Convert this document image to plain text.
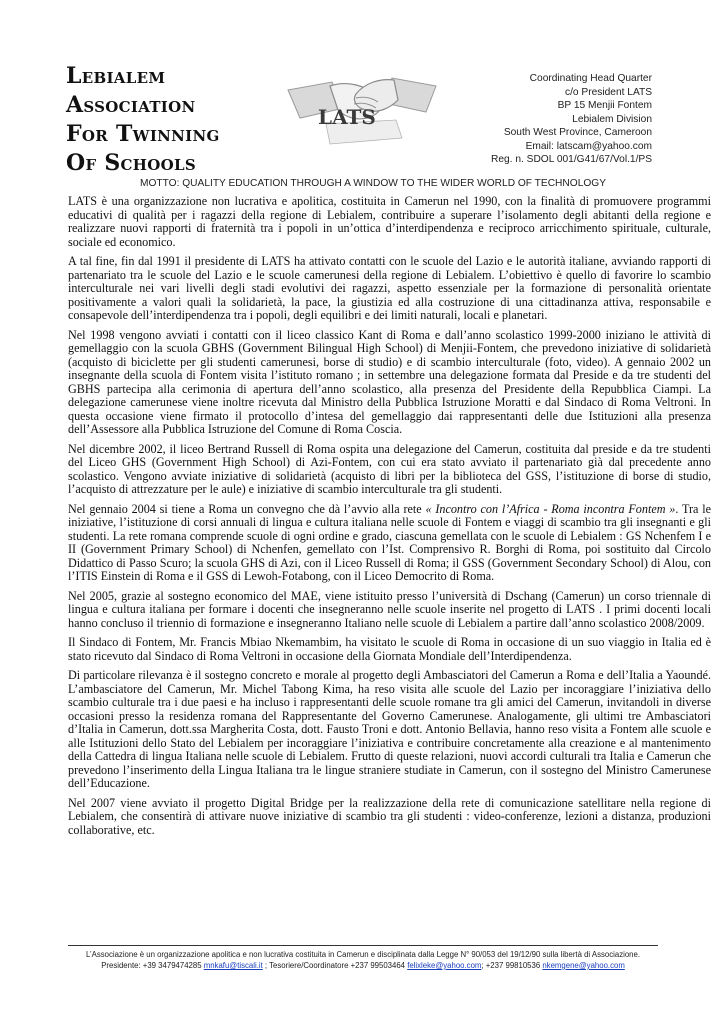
Lebialem
Association
For Twinning
Of Schools
LATS
Coordinating Head Quarter
c/o President LATS
BP 15 Menjii Fontem
Lebialem Division
South West Province, Cameroon
Email: latscam@yahoo.com
Reg. n. SDOL 001/G41/67/Vol.1/PS
MOTTO: QUALITY EDUCATION THROUGH A WINDOW TO THE WIDER WORLD OF TECHNOLOGY

LATS è una organizzazione non lucrativa e apolitica, costituita in Camerun nel 1990, con la finalità di promuovere programmi educativi di qualità per i ragazzi della regione di Lebialem, contribuire a superare l’isolamento degli abitanti della regione e realizzare nuovi rapporti di fraternità tra i popoli in un’ottica d’interdipendenza e reciproco arricchimento spirituale, culturale, sociale ed economico.

A tal fine, fin dal 1991 il presidente di LATS ha attivato contatti con le scuole del Lazio e le autorità italiane, avviando rapporti di partenariato tra le scuole del Lazio e le scuole camerunesi della regione di Lebialem. L’obiettivo è quello di favorire lo scambio interculturale nei vari livelli degli stadi evolutivi dei ragazzi, aspetto essenziale per la formazione di personalità orientate positivamente a valori quali la solidarietà, la pace, la giustizia ed alla costruzione di una cittadinanza attiva, responsabile e consapevole dell’interdipendenza tra i popoli, degli equilibri e dei limiti naturali, locali e planetari.

Nel 1998 vengono avviati i contatti con il liceo classico Kant di Roma e dall’anno scolastico 1999-2000 iniziano le attività di gemellaggio con la scuola GBHS (Government Bilingual High School) di Menjii-Fontem, che prevedono iniziative di solidarietà (acquisto di biciclette per gli studenti camerunesi, borse di studio) e di scambio interculturale (foto, video). A gennaio 2002 un insegnante della scuola di Fontem visita l’istituto romano ; in settembre una delegazione formata dal Preside e da tre studenti del GBHS partecipa alla cerimonia di apertura dell’anno scolastico, alla presenza del Presidente della Repubblica Ciampi. La delegazione camerunese viene inoltre ricevuta dal Ministro della Pubblica Istruzione Moratti e dal Sindaco di Roma Veltroni. In questa occasione viene firmato il protocollo d’intesa del gemellaggio dai rappresentanti delle due Istituzioni alla presenza dell’Assessore alla Pubblica Istruzione del Comune di Roma Coscia.

Nel dicembre 2002, il liceo Bertrand Russell di Roma ospita una delegazione del Camerun, costituita dal preside e da tre studenti del Liceo GHS (Government High School) di Azi-Fontem, con cui era stato avviato il partenariato già dal precedente anno scolastico. Vengono avviate iniziative di solidarietà (acquisto di libri per la biblioteca del GSS, l’istituzione di borse di studio, l’acquisto di attrezzature per le aule) e iniziative di scambio interculturale tra gli studenti.

Nel gennaio 2004 si tiene a Roma un convegno che dà l’avvio alla rete « Incontro con l’Africa - Roma incontra Fontem ». Tra le iniziative, l’istituzione di corsi annuali di lingua e cultura italiana nelle scuole di Fontem e viaggi di scambio tra gli insegnanti e gli studenti. La rete romana comprende scuole di ogni ordine e grado, ciascuna gemellata con le scuole di Lebialem : GS Nchenfem I e II (Government Primary School) di Nchenfen, gemellato con l’Ist. Comprensivo R. Borghi di Roma, poi sostituito dal Circolo Didattico di Passo Scuro; la scuola GHS di Azi, con il Liceo Russell di Roma; il GSS (Government Secondary School) di Alou, con l’ITIS Einstein di Roma e il GSS di Lewoh-Fotabong, con il Liceo Democrito di Roma.

Nel 2005, grazie al sostegno economico del MAE, viene istituito presso l’università di Dschang (Camerun) un corso triennale di lingua e cultura italiana per formare i docenti che insegneranno nelle scuole inserite nel progetto di LATS . I primi docenti locali hanno concluso il triennio di formazione e insegneranno Italiano nelle scuole di Lebialem a partire dall’anno scolastico 2008/2009.

Il Sindaco di Fontem, Mr. Francis Mbiao Nkemambim, ha visitato le scuole di Roma in occasione di un suo viaggio in Italia ed è stato ricevuto dal Sindaco di Roma Veltroni in occasione della Giornata Mondiale dell’Interdipendenza.

Di particolare rilevanza è il sostegno concreto e morale al progetto degli Ambasciatori del Camerun a Roma e dell’Italia a Yaoundé. L’ambasciatore del Camerun, Mr. Michel Tabong Kima, ha reso visita alle scuole del Lazio per incoraggiare l’iniziativa dello scambio culturale tra i due paesi e ha incluso i rappresentanti delle scuole romane tra gli amici del Camerun, invitandoli in diverse occasioni presso la residenza romana del Rappresentante del Governo Camerunese. Analogamente, gli ultimi tre Ambasciatori d’Italia in Camerun, dott.ssa Margherita Costa, dott. Fausto Troni e dott. Antonio Bellavia, hanno reso visita a Fontem alle scuole e alle Istituzioni dello Stato del Lebialem per incoraggiare l’iniziativa e contribuire concretamente alla creazione e al mantenimento della Cattedra di lingua Italiana nelle scuole di Lebialem. Frutto di queste relazioni, nuovi accordi culturali tra Italia e Camerun che prevedono l’inserimento della Lingua Italiana tra le lingue straniere studiate in Camerun, con il sostegno del Ministro Camerunese dell’Educazione.

Nel 2007 viene avviato il progetto Digital Bridge per la realizzazione della rete di comunicazione satellitare nella regione di Lebialem, che consentirà di attivare nuove iniziative di scambio tra gli studenti : video-conferenze, lezioni a distanza, produzioni collaborative, etc.

L’Associazione è un organizzazione apolitica e non lucrativa costituita in Camerun e disciplinata dalla Legge N° 90/053 del 19/12/90 sulla libertà di Associazione.
Presidente: +39 3479474285 mnkafu@tiscali.it ; Tesoriere/Coordinatore +237 99503464 felixleke@yahoo.com; +237 99810536 nkemgene@yahoo.com
